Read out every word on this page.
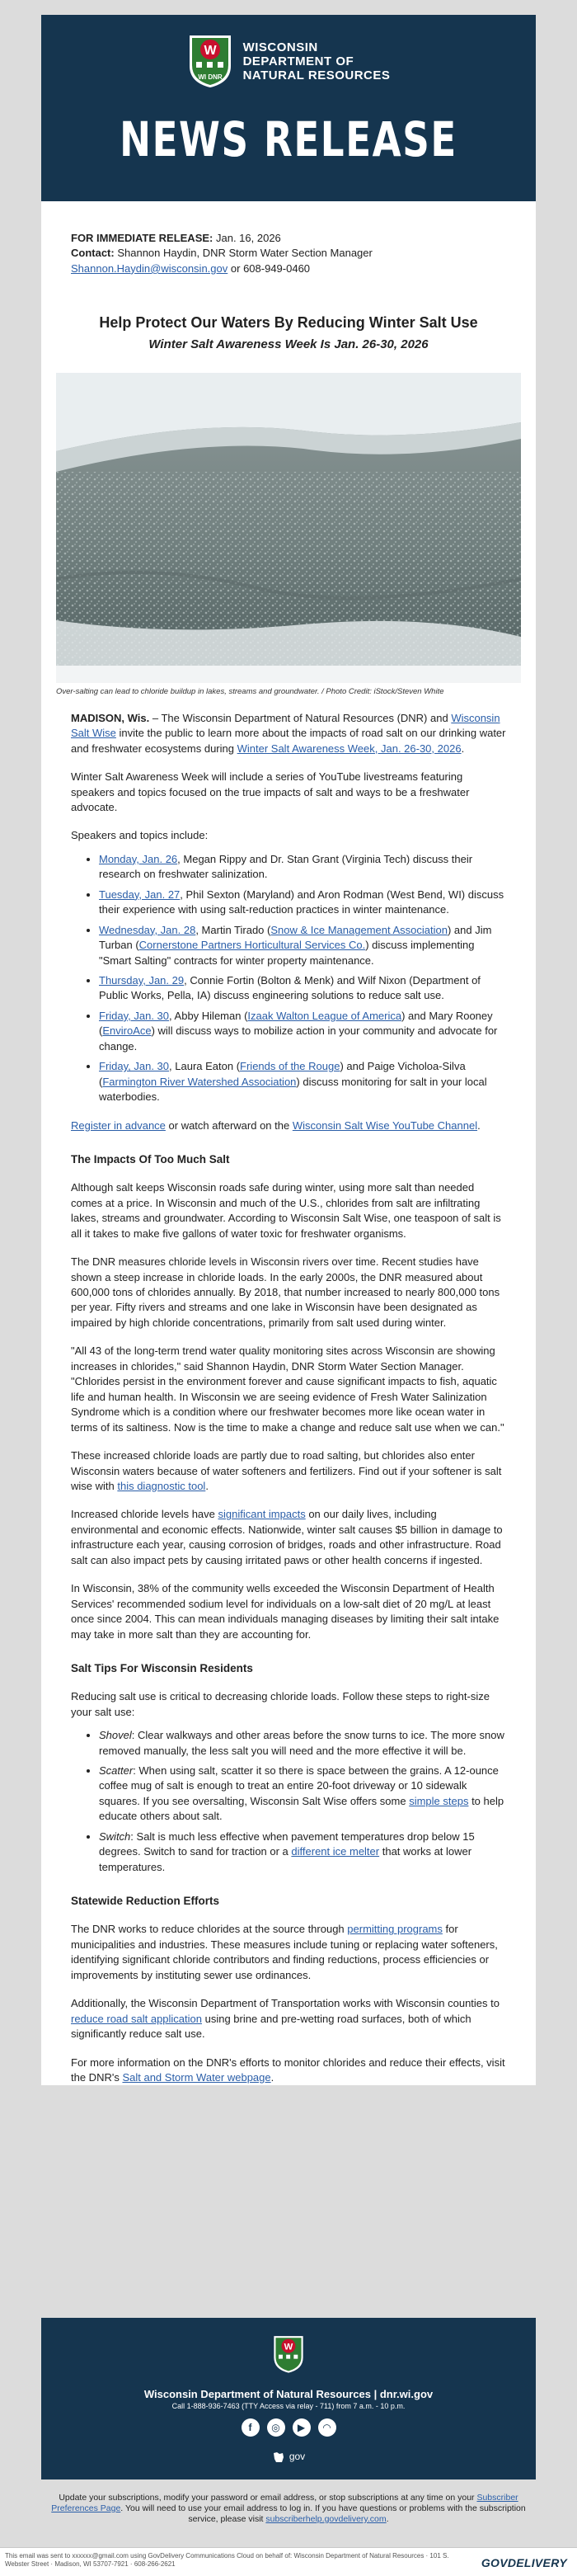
W
WI DNR
WISCONSIN
DEPARTMENT OF
NATURAL RESOURCES
NEWS RELEASE
FOR IMMEDIATE RELEASE: Jan. 16, 2026
Contact: Shannon Haydin, DNR Storm Water Section Manager
Shannon.Haydin@wisconsin.gov or 608-949-0460
Help Protect Our Waters By Reducing Winter Salt Use
Winter Salt Awareness Week Is Jan. 26-30, 2026
Over-salting can lead to chloride buildup in lakes, streams and groundwater. / Photo Credit: iStock/Steven White

MADISON, Wis. – The Wisconsin Department of Natural Resources (DNR) and Wisconsin Salt Wise invite the public to learn more about the impacts of road salt on our drinking water and freshwater ecosystems during Winter Salt Awareness Week, Jan. 26-30, 2026.

Winter Salt Awareness Week will include a series of YouTube livestreams featuring speakers and topics focused on the true impacts of salt and ways to be a freshwater advocate.

Speakers and topics include:

• Monday, Jan. 26, Megan Rippy and Dr. Stan Grant (Virginia Tech) discuss their research on freshwater salinization.
• Tuesday, Jan. 27, Phil Sexton (Maryland) and Aron Rodman (West Bend, WI) discuss their experience with using salt-reduction practices in winter maintenance.
• Wednesday, Jan. 28, Martin Tirado (Snow & Ice Management Association) and Jim Turban (Cornerstone Partners Horticultural Services Co.) discuss implementing "Smart Salting" contracts for winter property maintenance.
• Thursday, Jan. 29, Connie Fortin (Bolton & Menk) and Wilf Nixon (Department of Public Works, Pella, IA) discuss engineering solutions to reduce salt use.
• Friday, Jan. 30, Abby Hileman (Izaak Walton League of America) and Mary Rooney (EnviroAce) will discuss ways to mobilize action in your community and advocate for change.
• Friday, Jan. 30, Laura Eaton (Friends of the Rouge) and Paige Vicholoa-Silva (Farmington River Watershed Association) discuss monitoring for salt in your local waterbodies.

Register in advance or watch afterward on the Wisconsin Salt Wise YouTube Channel.

The Impacts Of Too Much Salt

Although salt keeps Wisconsin roads safe during winter, using more salt than needed comes at a price. In Wisconsin and much of the U.S., chlorides from salt are infiltrating lakes, streams and groundwater. According to Wisconsin Salt Wise, one teaspoon of salt is all it takes to make five gallons of water toxic for freshwater organisms.

The DNR measures chloride levels in Wisconsin rivers over time. Recent studies have shown a steep increase in chloride loads. In the early 2000s, the DNR measured about 600,000 tons of chlorides annually. By 2018, that number increased to nearly 800,000 tons per year. Fifty rivers and streams and one lake in Wisconsin have been designated as impaired by high chloride concentrations, primarily from salt used during winter.

"All 43 of the long-term trend water quality monitoring sites across Wisconsin are showing increases in chlorides," said Shannon Haydin, DNR Storm Water Section Manager. "Chlorides persist in the environment forever and cause significant impacts to fish, aquatic life and human health. In Wisconsin we are seeing evidence of Fresh Water Salinization Syndrome which is a condition where our freshwater becomes more like ocean water in terms of its saltiness. Now is the time to make a change and reduce salt use when we can."

These increased chloride loads are partly due to road salting, but chlorides also enter Wisconsin waters because of water softeners and fertilizers. Find out if your softener is salt wise with this diagnostic tool.

Increased chloride levels have significant impacts on our daily lives, including environmental and economic effects. Nationwide, winter salt causes $5 billion in damage to infrastructure each year, causing corrosion of bridges, roads and other infrastructure. Road salt can also impact pets by causing irritated paws or other health concerns if ingested.

In Wisconsin, 38% of the community wells exceeded the Wisconsin Department of Health Services' recommended sodium level for individuals on a low-salt diet of 20 mg/L at least once since 2004. This can mean individuals managing diseases by limiting their salt intake may take in more salt than they are accounting for.

Salt Tips For Wisconsin Residents

Reducing salt use is critical to decreasing chloride loads. Follow these steps to right-size your salt use:

• Shovel: Clear walkways and other areas before the snow turns to ice. The more snow removed manually, the less salt you will need and the more effective it will be.
• Scatter: When using salt, scatter it so there is space between the grains. A 12-ounce coffee mug of salt is enough to treat an entire 20-foot driveway or 10 sidewalk squares. If you see oversalting, Wisconsin Salt Wise offers some simple steps to help educate others about salt.
• Switch: Salt is much less effective when pavement temperatures drop below 15 degrees. Switch to sand for traction or a different ice melter that works at lower temperatures.
Statewide Reduction Efforts

The DNR works to reduce chlorides at the source through permitting programs for municipalities and industries. These measures include tuning or replacing water softeners, identifying significant chloride contributors and finding reductions, process efficiencies or improvements by instituting sewer use ordinances.

Additionally, the Wisconsin Department of Transportation works with Wisconsin counties to reduce road salt application using brine and pre-wetting road surfaces, both of which significantly reduce salt use.

For more information on the DNR's efforts to monitor chlorides and reduce their effects, visit the DNR's Salt and Storm Water webpage.

W
Wisconsin Department of Natural Resources | dnr.wi.gov
Call 1-888-936-7463 (TTY Access via relay - 711) from 7 a.m. - 10 p.m.
f	◎	▶	◠
gov
Update your subscriptions, modify your password or email address, or stop subscriptions at any time on your Subscriber Preferences Page. You will need to use your email address to log in. If you have questions or problems with the subscription service, please visit subscriberhelp.govdelivery.com.
This email was sent to xxxxxx@gmail.com using GovDelivery Communications Cloud on behalf of: Wisconsin Department of Natural Resources · 101 S. Webster Street · Madison, WI 53707-7921 · 608-266-2621	GOVDELIVERY
